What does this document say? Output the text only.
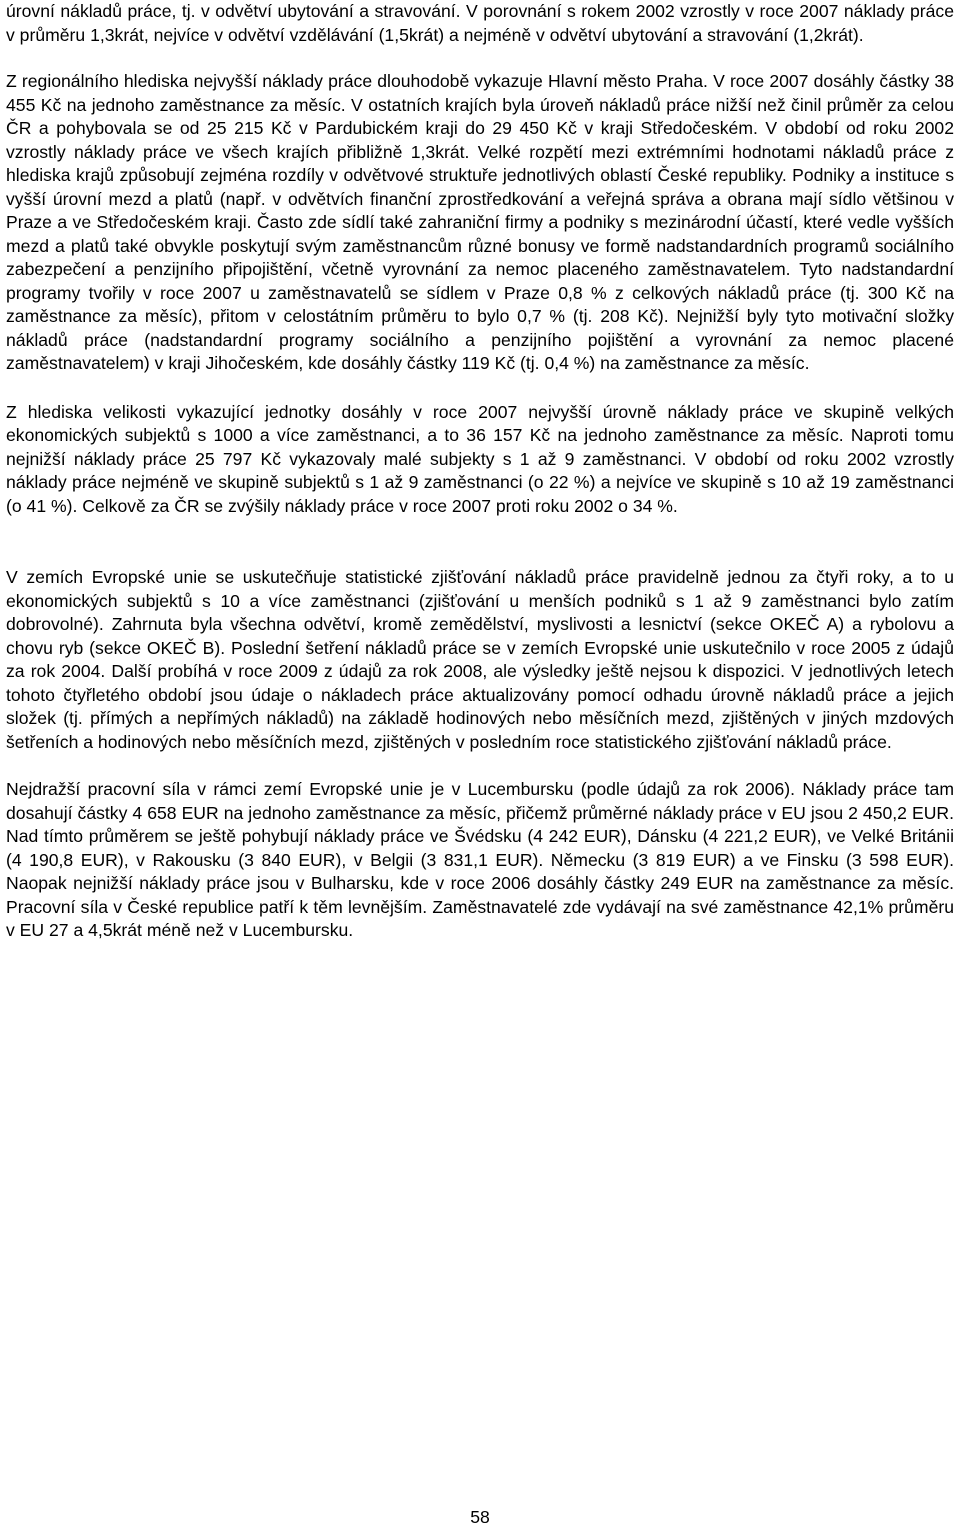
úrovní nákladů práce, tj. v odvětví ubytování a stravování. V porovnání s rokem 2002 vzrostly v roce 2007 náklady práce v průměru 1,3krát, nejvíce v odvětví vzdělávání (1,5krát) a nejméně v odvětví ubytování a stravování (1,2krát).

Z regionálního hlediska nejvyšší náklady práce dlouhodobě vykazuje Hlavní město Praha. V roce 2007 dosáhly částky 38 455 Kč na jednoho zaměstnance za měsíc. V ostatních krajích byla úroveň nákladů práce nižší než činil průměr za celou ČR a pohybovala se od 25 215 Kč v Pardubickém kraji do 29 450 Kč v kraji Středočeském. V období od roku 2002 vzrostly náklady práce ve všech krajích přibližně 1,3krát. Velké rozpětí mezi extrémními hodnotami nákladů práce z hlediska krajů způsobují zejména rozdíly v odvětvové struktuře jednotlivých oblastí České republiky. Podniky a instituce s vyšší úrovní mezd a platů (např. v odvětvích finanční zprostředkování a veřejná správa a obrana mají sídlo většinou v Praze a ve Středočeském kraji. Často zde sídlí také zahraniční firmy a podniky s mezinárodní účastí, které vedle vyšších mezd a platů také obvykle poskytují svým zaměstnancům různé bonusy ve formě nadstandardních programů sociálního zabezpečení a penzijního připojištění, včetně vyrovnání za nemoc placeného zaměstnavatelem. Tyto nadstandardní programy tvořily v roce 2007 u zaměstnavatelů se sídlem v Praze 0,8 % z celkových nákladů práce (tj. 300 Kč na zaměstnance za měsíc), přitom v celostátním průměru to bylo 0,7 % (tj. 208 Kč). Nejnižší byly tyto motivační složky nákladů práce (nadstandardní programy sociálního a penzijního pojištění a vyrovnání za nemoc placené zaměstnavatelem) v kraji Jihočeském, kde dosáhly částky 119 Kč (tj. 0,4 %) na zaměstnance za měsíc.

Z hlediska velikosti vykazující jednotky dosáhly v roce 2007 nejvyšší úrovně náklady práce ve skupině velkých ekonomických subjektů s 1000 a více zaměstnanci, a to 36 157 Kč na jednoho zaměstnance za měsíc. Naproti tomu nejnižší náklady práce 25 797 Kč vykazovaly malé subjekty s 1 až 9 zaměstnanci. V období od roku 2002 vzrostly náklady práce nejméně ve skupině subjektů s 1 až 9 zaměstnanci (o 22 %) a nejvíce ve skupině s 10 až 19 zaměstnanci (o 41 %). Celkově za ČR se zvýšily náklady práce v roce 2007 proti roku 2002 o 34 %.

V zemích Evropské unie se uskutečňuje statistické zjišťování nákladů práce pravidelně jednou za čtyři roky, a to u ekonomických subjektů s 10 a více zaměstnanci (zjišťování u menších podniků s 1 až 9 zaměstnanci bylo zatím dobrovolné). Zahrnuta byla všechna odvětví, kromě zemědělství, myslivosti a lesnictví (sekce OKEČ A) a rybolovu a chovu ryb (sekce OKEČ B). Poslední šetření nákladů práce se v zemích Evropské unie uskutečnilo v roce 2005 z údajů za rok 2004. Další probíhá v roce 2009 z údajů za rok 2008, ale výsledky ještě nejsou k dispozici. V jednotlivých letech tohoto čtyřletého období jsou údaje o nákladech práce aktualizovány pomocí odhadu úrovně nákladů práce a jejich složek (tj. přímých a nepřímých nákladů) na základě hodinových nebo měsíčních mezd, zjištěných v jiných mzdových šetřeních a hodinových nebo měsíčních mezd, zjištěných v posledním roce statistického zjišťování nákladů práce.

Nejdražší pracovní síla v rámci zemí Evropské unie je v Lucembursku (podle údajů za rok 2006). Náklady práce tam dosahují částky 4 658 EUR na jednoho zaměstnance za měsíc, přičemž průměrné náklady práce v EU jsou 2 450,2 EUR. Nad tímto průměrem se ještě pohybují náklady práce ve Švédsku (4 242 EUR), Dánsku (4 221,2 EUR), ve Velké Británii (4 190,8 EUR), v Rakousku (3 840 EUR), v Belgii (3 831,1 EUR). Německu (3 819 EUR) a ve Finsku (3 598 EUR). Naopak nejnižší náklady práce jsou v Bulharsku, kde v roce 2006 dosáhly částky 249 EUR na zaměstnance za měsíc. Pracovní síla v České republice patří k těm levnějším. Zaměstnavatelé zde vydávají na své zaměstnance 42,1% průměru v EU 27 a 4,5krát méně než v Lucembursku.

58
